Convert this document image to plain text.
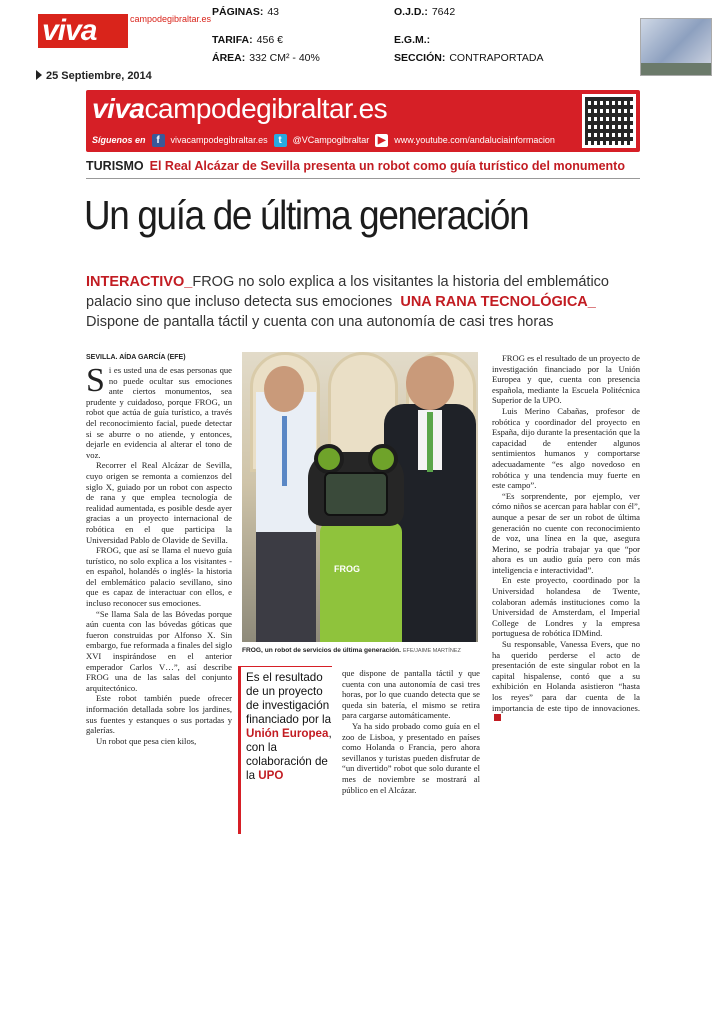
viva	campodegibraltar.es
PÁGINAS: 43
TARIFA: 456 €
ÁREA: 332 CM² - 40%
O.J.D.: 7642
E.G.M.:
SECCIÓN: CONTRAPORTADA
25 Septiembre, 2014
vivacampodegibraltar.es
Síguenos en	f	vivacampodegibraltar.es	t	@VCampogibraltar ▶ www.youtube.com/andaluciainformacion
TURISMO El Real Alcázar de Sevilla presenta un robot como guía turístico del monumento
Un guía de última generación
INTERACTIVO_FROG no solo explica a los visitantes la historia del emblemático palacio sino que incluso detecta sus emociones UNA RANA TECNOLÓGICA_
Dispone de pantalla táctil y cuenta con una autonomía de casi tres horas

SEVILLA. AÍDA GARCÍA (EFE)

Si es usted una de esas personas que no puede ocultar sus emociones ante ciertos monumentos, sea prudente y cuidadoso, porque FROG, un robot que actúa de guía turístico, a través del reconocimiento facial, puede detectar si se aburre o no atiende, y entonces, dejarle en evidencia al alterar el tono de voz.

Recorrer el Real Alcázar de Sevilla, cuyo origen se remonta a comienzos del siglo X, guiado por un robot con aspecto de rana y que emplea tecnología de realidad aumentada, es posible desde ayer gracias a un proyecto internacional de robótica en el que participa la Universidad Pablo de Olavide de Sevilla.

FROG, que así se llama el nuevo guía turístico, no solo explica a los visitantes -en español, holandés o inglés- la historia del emblemático palacio sevillano, sino que es capaz de interactuar con ellos, e incluso reconocer sus emociones.

“Se llama Sala de las Bóvedas porque aún cuenta con las bóvedas góticas que fueron construidas por Alfonso X. Sin embargo, fue reformada a finales del siglo XVI inspirándose en el anterior emperador Carlos V…”, así describe FROG una de las salas del conjunto arquitectónico.

Este robot también puede ofrecer información detallada sobre los jardines, sus fuentes y estanques o sus portadas y galerías.

Un robot que pesa cien kilos,

FROG
FROG, un robot de servicios de última generación. EFE/JAIME MARTÍNEZ
Es el resultado de un proyecto de investigación financiado por la Unión Europea, con la colaboración de la UPO

que dispone de pantalla táctil y que cuenta con una autonomía de casi tres horas, por lo que cuando detecta que se queda sin batería, el mismo se retira para cargarse automáticamente.

Ya ha sido probado como guía en el zoo de Lisboa, y presentado en países como Holanda o Francia, pero ahora sevillanos y turistas pueden disfrutar de “un divertido” robot que solo durante el mes de noviembre se mostrará al público en el Alcázar.

FROG es el resultado de un proyecto de investigación financiado por la Unión Europea y que, cuenta con presencia española, mediante la Escuela Politécnica Superior de la UPO.

Luis Merino Cabañas, profesor de robótica y coordinador del proyecto en España, dijo durante la presentación que la capacidad de entender algunos sentimientos humanos y comportarse adecuadamente “es algo novedoso en robótica y una tendencia muy fuerte en este campo”.

“Es sorprendente, por ejemplo, ver cómo niños se acercan para hablar con él”, aunque a pesar de ser un robot de última generación no cuente con reconocimiento de voz, una línea en la que, asegura Merino, se podría trabajar ya que “por ahora es un audio guía pero con más inteligencia e interactividad”.

En este proyecto, coordinado por la Universidad holandesa de Twente, colaboran además instituciones como la Universidad de Amsterdam, el Imperial College de Londres y la empresa portuguesa de robótica IDMind.

Su responsable, Vanessa Evers, que no ha querido perderse el acto de presentación de este singular robot en la capital hispalense, contó que a su exhibición en Holanda asistieron “hasta los reyes” para dar cuenta de la importancia de este tipo de innovaciones.
